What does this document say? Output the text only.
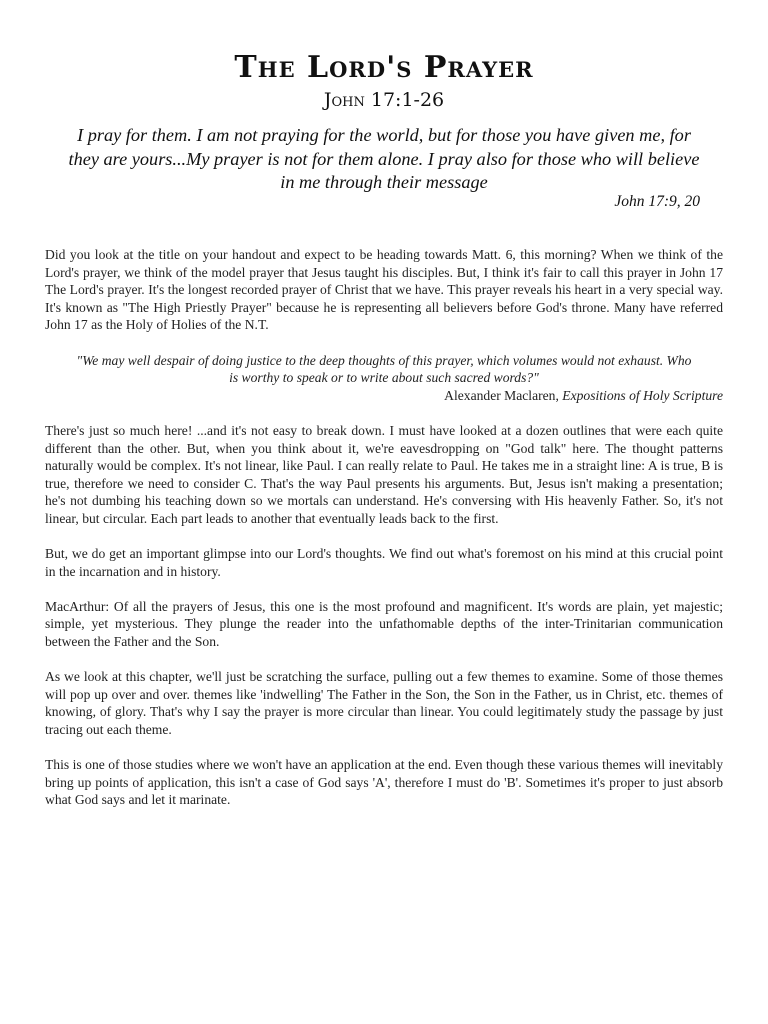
The Lord's Prayer
John 17:1-26

I pray for them. I am not praying for the world, but for those you have given me, for they are yours...My prayer is not for them alone. I pray also for those who will believe in me through their message

John 17:9, 20

Did you look at the title on your handout and expect to be heading towards Matt. 6, this morning? When we think of the Lord's prayer, we think of the model prayer that Jesus taught his disciples. But, I think it's fair to call this prayer in John 17 The Lord's prayer. It's the longest recorded prayer of Christ that we have. This prayer reveals his heart in a very special way. It's known as "The High Priestly Prayer" because he is representing all believers before God's throne. Many have referred John 17 as the Holy of Holies of the N.T.

"We may well despair of doing justice to the deep thoughts of this prayer, which volumes would not exhaust. Who is worthy to speak or to write about such sacred words?"
Alexander Maclaren, Expositions of Holy Scripture

There's just so much here! ...and it's not easy to break down. I must have looked at a dozen outlines that were each quite different than the other. But, when you think about it, we're eavesdropping on "God talk" here. The thought patterns naturally would be complex. It's not linear, like Paul. I can really relate to Paul. He takes me in a straight line: A is true, B is true, therefore we need to consider C. That's the way Paul presents his arguments. But, Jesus isn't making a presentation; he's not dumbing his teaching down so we mortals can understand. He's conversing with His heavenly Father. So, it's not linear, but circular. Each part leads to another that eventually leads back to the first.

But, we do get an important glimpse into our Lord's thoughts. We find out what's foremost on his mind at this crucial point in the incarnation and in history.

MacArthur: Of all the prayers of Jesus, this one is the most profound and magnificent. It's words are plain, yet majestic; simple, yet mysterious. They plunge the reader into the unfathomable depths of the inter-Trinitarian communication between the Father and the Son.

As we look at this chapter, we'll just be scratching the surface, pulling out a few themes to examine. Some of those themes will pop up over and over. themes like 'indwelling' The Father in the Son, the Son in the Father, us in Christ, etc. themes of knowing, of glory. That's why I say the prayer is more circular than linear. You could legitimately study the passage by just tracing out each theme.

This is one of those studies where we won't have an application at the end. Even though these various themes will inevitably bring up points of application, this isn't a case of God says 'A', therefore I must do 'B'. Sometimes it's proper to just absorb what God says and let it marinate.
